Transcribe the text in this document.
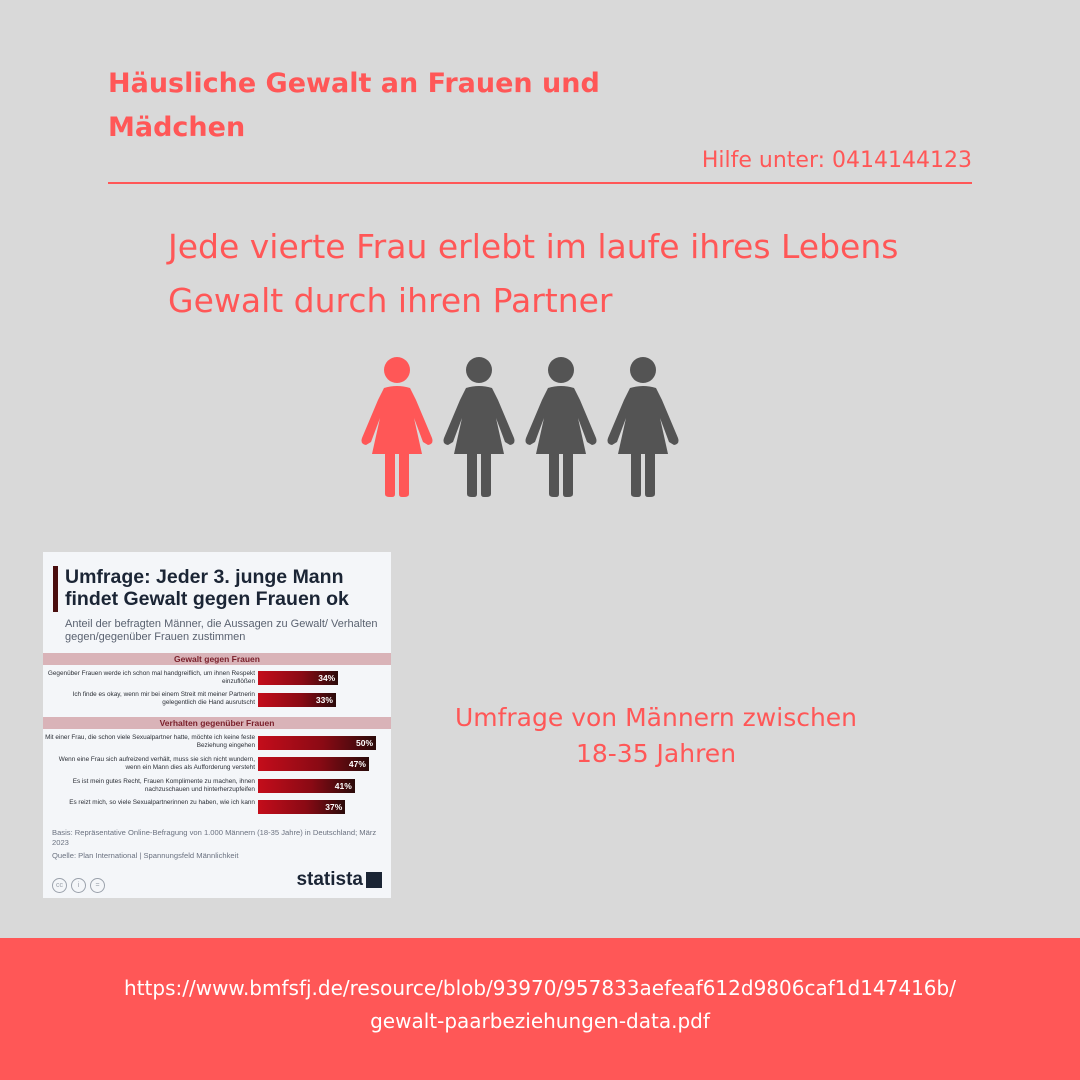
Häusliche Gewalt an Frauen und Mädchen
Hilfe unter: 0414144123
Jede vierte Frau erlebt im laufe ihres Lebens Gewalt durch ihren Partner
Umfrage: Jeder 3. junge Mann findet Gewalt gegen Frauen ok
Anteil der befragten Männer, die Aussagen zu Gewalt/ Verhalten gegen/gegenüber Frauen zustimmen
Gewalt gegen Frauen
Gegenüber Frauen werde ich schon mal handgreiflich, um ihnen Respekt einzuflößen	34%
Ich finde es okay, wenn mir bei einem Streit mit meiner Partnerin gelegentlich die Hand ausrutscht	33%
Verhalten gegenüber Frauen
Mit einer Frau, die schon viele Sexualpartner hatte, möchte ich keine feste Beziehung eingehen	50%
Wenn eine Frau sich aufreizend verhält, muss sie sich nicht wundern, wenn ein Mann dies als Aufforderung versteht	47%
Es ist mein gutes Recht, Frauen Komplimente zu machen, ihnen nachzuschauen und hinterherzupfeifen	41%
Es reizt mich, so viele Sexualpartnerinnen zu haben, wie ich kann	37%
Basis: Repräsentative Online-Befragung von 1.000 Männern (18-35 Jahre) in Deutschland; März 2023
Quelle: Plan International | Spannungsfeld Männlichkeit
cc i =	statista
Umfrage von Männern zwischen 18-35 Jahren
https://www.bmfsfj.de/resource/blob/93970/957833aefeaf612d9806caf1d147416b/gewalt-paarbeziehungen-data.pdf
